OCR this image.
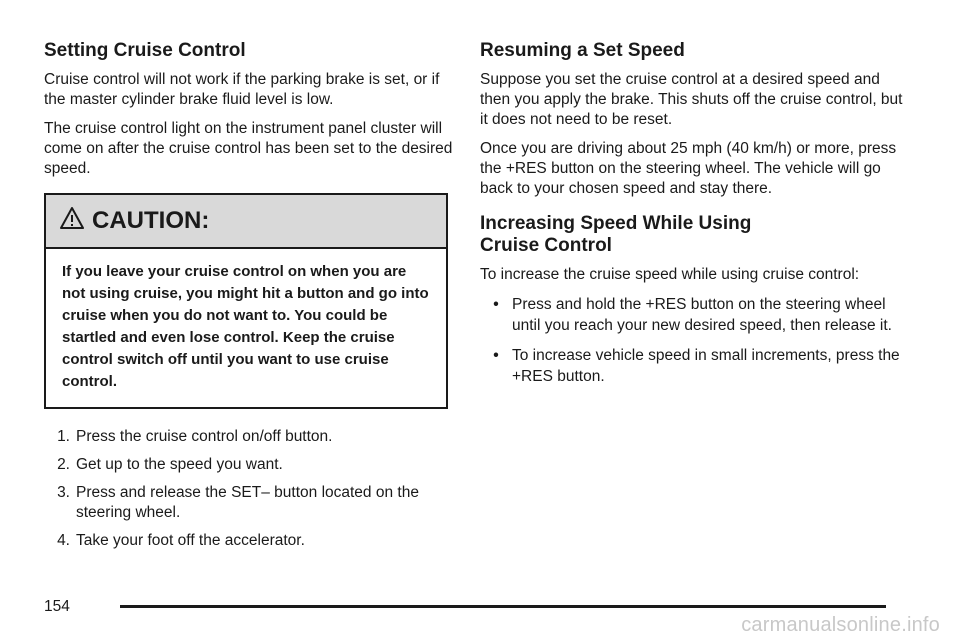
Setting Cruise Control

Cruise control will not work if the parking brake is set, or if the master cylinder brake fluid level is low.

The cruise control light on the instrument panel cluster will come on after the cruise control has been set to the desired speed.

CAUTION:
If you leave your cruise control on when you are not using cruise, you might hit a button and go into cruise when you do not want to. You could be startled and even lose control. Keep the cruise control switch off until you want to use cruise control.
1. Press the cruise control on/off button.
2. Get up to the speed you want.
3. Press and release the SET– button located on the steering wheel.
4. Take your foot off the accelerator.
Resuming a Set Speed

Suppose you set the cruise control at a desired speed and then you apply the brake. This shuts off the cruise control, but it does not need to be reset.

Once you are driving about 25 mph (40 km/h) or more, press the +RES button on the steering wheel. The vehicle will go back to your chosen speed and stay there.

Increasing Speed While Using
Cruise Control

To increase the cruise speed while using cruise control:

• Press and hold the +RES button on the steering wheel until you reach your new desired speed, then release it.
• To increase vehicle speed in small increments, press the +RES button.
154
carmanualsonline.info
